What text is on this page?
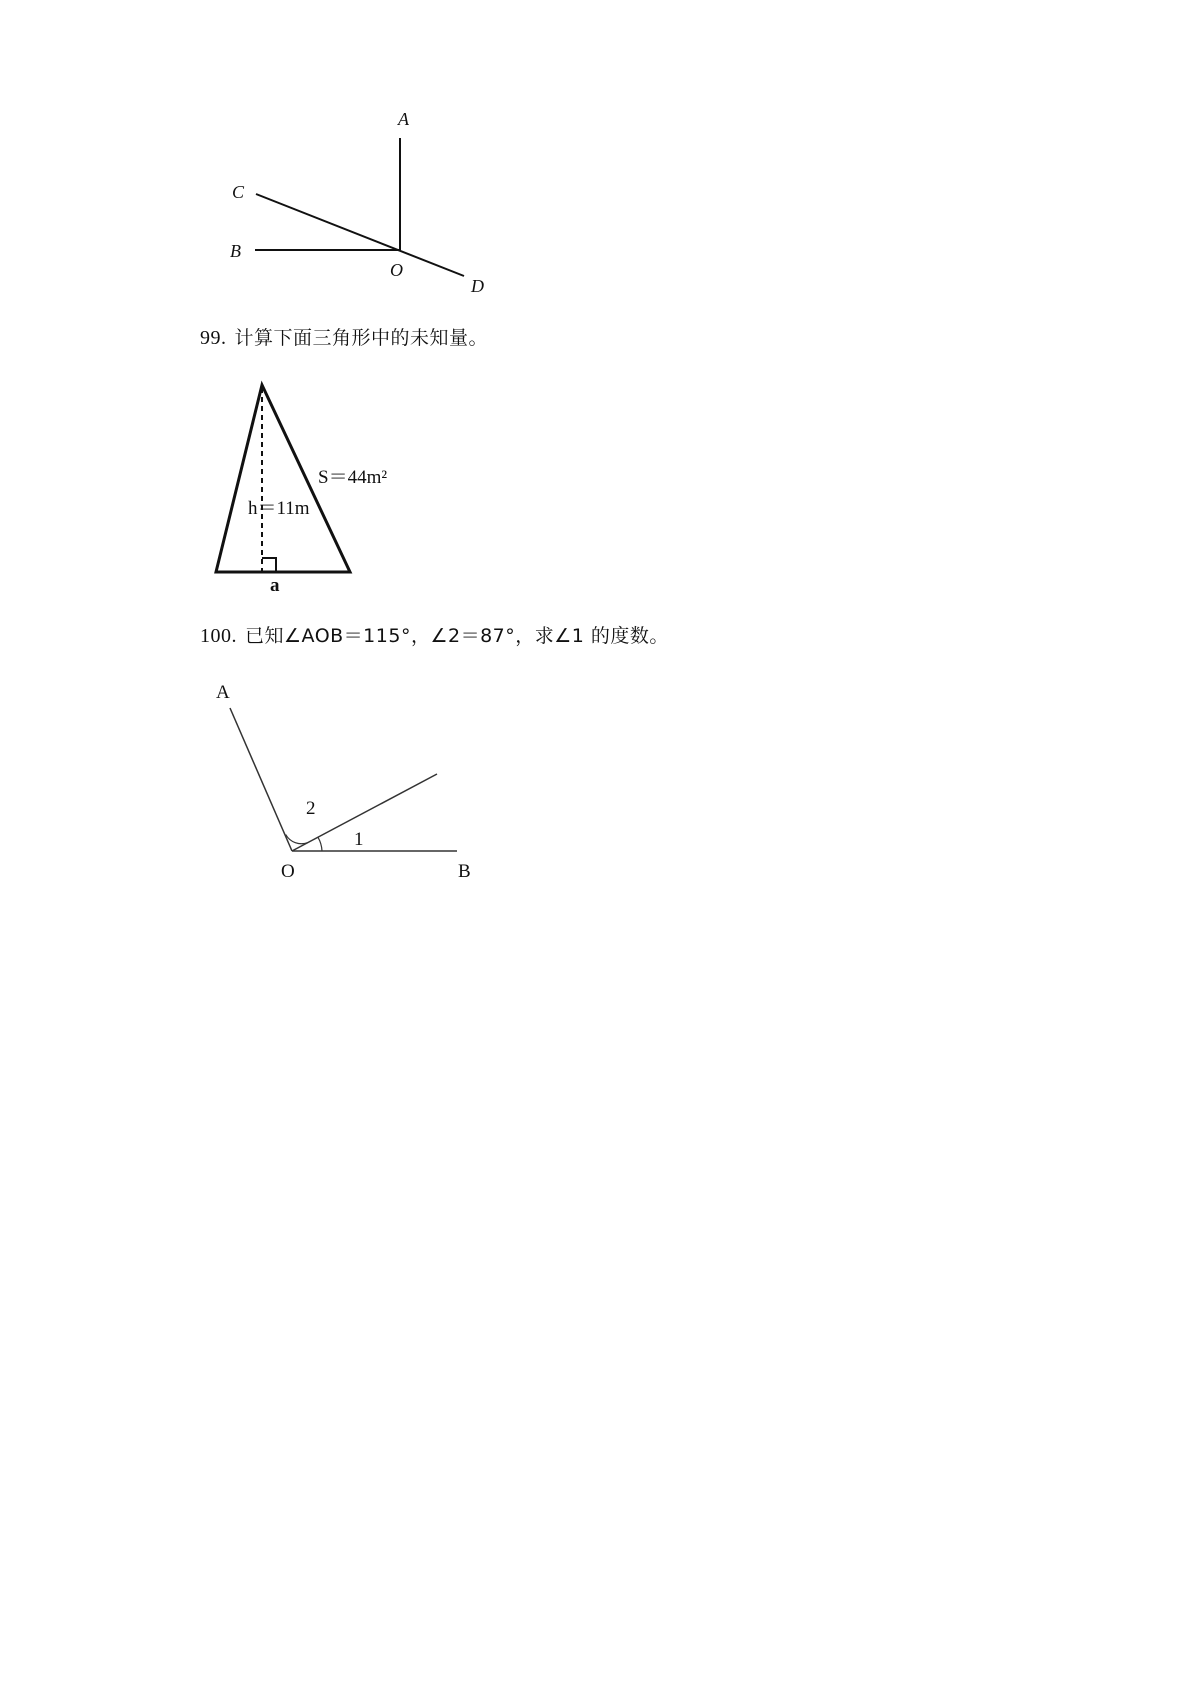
A
C
B
O
D
S＝44m²
h＝11m
a
A
2
1
O	B
99. 计算下面三角形中的未知量。
100. 已知∠AOB＝115°，∠2＝87°，求∠1 的度数。
